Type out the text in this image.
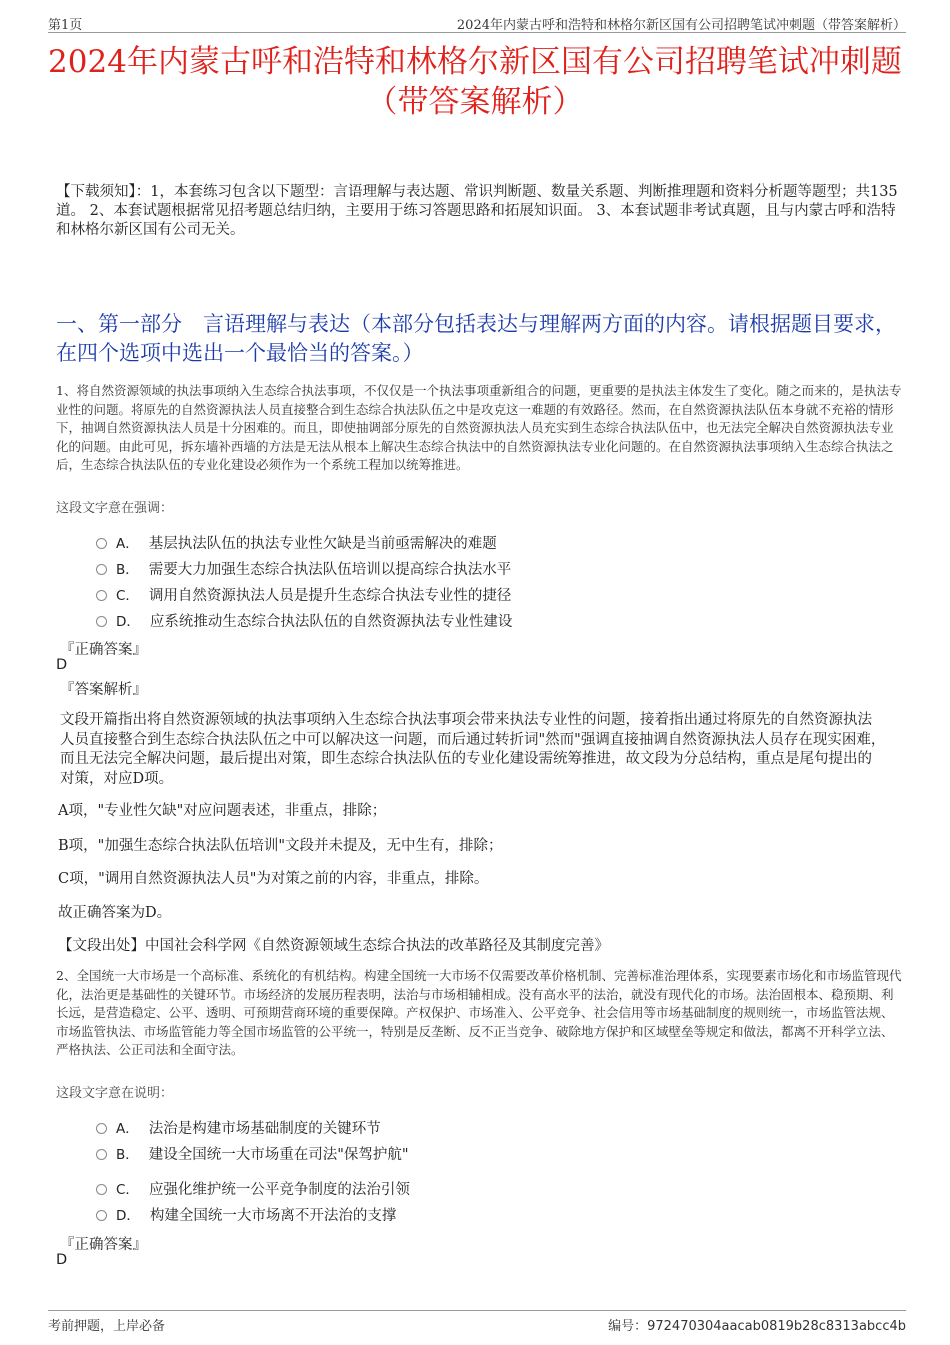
第1页	2024年内蒙古呼和浩特和林格尔新区国有公司招聘笔试冲刺题（带答案解析）
2024年内蒙古呼和浩特和林格尔新区国有公司招聘笔试冲刺题
（带答案解析）
【下载须知】：1，本套练习包含以下题型：言语理解与表达题、常识判断题、数量关系题、判断推理题和资料分析题等题型；共135道。 2、本套试题根据常见招考题总结归纳，主要用于练习答题思路和拓展知识面。 3、本套试题非考试真题，且与内蒙古呼和浩特和林格尔新区国有公司无关。
一、第一部分　言语理解与表达（本部分包括表达与理解两方面的内容。请根据题目要求，在四个选项中选出一个最恰当的答案。）
1、将自然资源领域的执法事项纳入生态综合执法事项，不仅仅是一个执法事项重新组合的问题，更重要的是执法主体发生了变化。随之而来的，是执法专业性的问题。将原先的自然资源执法人员直接整合到生态综合执法队伍之中是攻克这一难题的有效路径。然而，在自然资源执法队伍本身就不充裕的情形下，抽调自然资源执法人员是十分困难的。而且，即使抽调部分原先的自然资源执法人员充实到生态综合执法队伍中，也无法完全解决自然资源执法专业化的问题。由此可见，拆东墙补西墙的方法是无法从根本上解决生态综合执法中的自然资源执法专业化问题的。在自然资源执法事项纳入生态综合执法之后，生态综合执法队伍的专业化建设必须作为一个系统工程加以统筹推进。
这段文字意在强调：
A． 基层执法队伍的执法专业性欠缺是当前亟需解决的难题
B． 需要大力加强生态综合执法队伍培训以提高综合执法水平
C． 调用自然资源执法人员是提升生态综合执法专业性的捷径
D． 应系统推动生态综合执法队伍的自然资源执法专业性建设
『正确答案』
D
『答案解析』
文段开篇指出将自然资源领域的执法事项纳入生态综合执法事项会带来执法专业性的问题，接着指出通过将原先的自然资源执法人员直接整合到生态综合执法队伍之中可以解决这一问题，而后通过转折词"然而"强调直接抽调自然资源执法人员存在现实困难，而且无法完全解决问题，最后提出对策，即生态综合执法队伍的专业化建设需统筹推进，故文段为分总结构，重点是尾句提出的对策，对应D项。
A项，"专业性欠缺"对应问题表述，非重点，排除；
B项，"加强生态综合执法队伍培训"文段并未提及，无中生有，排除；
C项，"调用自然资源执法人员"为对策之前的内容，非重点，排除。
故正确答案为D。
【文段出处】中国社会科学网《自然资源领域生态综合执法的改革路径及其制度完善》
2、全国统一大市场是一个高标准、系统化的有机结构。构建全国统一大市场不仅需要改革价格机制、完善标准治理体系，实现要素市场化和市场监管现代化，法治更是基础性的关键环节。市场经济的发展历程表明，法治与市场相辅相成。没有高水平的法治，就没有现代化的市场。法治固根本、稳预期、利长远，是营造稳定、公平、透明、可预期营商环境的重要保障。产权保护、市场准入、公平竞争、社会信用等市场基础制度的规则统一，市场监管法规、市场监管执法、市场监管能力等全国市场监管的公平统一，特别是反垄断、反不正当竞争、破除地方保护和区域壁垒等规定和做法，都离不开科学立法、严格执法、公正司法和全面守法。
这段文字意在说明：
A． 法治是构建市场基础制度的关键环节
B． 建设全国统一大市场重在司法"保驾护航"
C． 应强化维护统一公平竞争制度的法治引领
D． 构建全国统一大市场离不开法治的支撑
『正确答案』
D
考前押题，上岸必备	编号：972470304aacab0819b28c8313abcc4b
